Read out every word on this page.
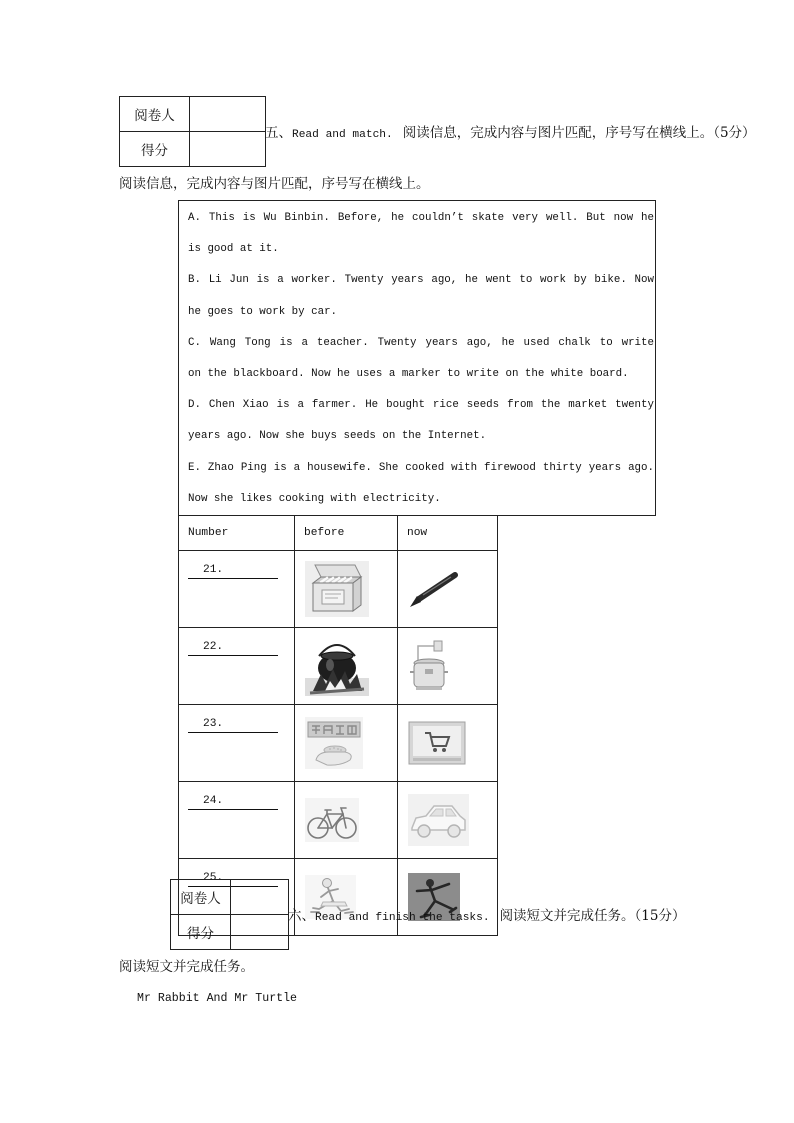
阅卷人	
得分	
五、Read and match. 阅读信息，完成内容与图片匹配，序号写在横线上。（5分）
阅读信息，完成内容与图片匹配，序号写在横线上。
A. This is Wu Binbin. Before, he couldn’t skate very well. But now he
is good at it.
B. Li Jun is a worker. Twenty years ago, he went to work by bike. Now
he goes to work by car.
C. Wang Tong is a teacher. Twenty years ago, he used chalk to write
on the blackboard. Now he uses a marker to write on the white board.
D. Chen Xiao is a farmer. He bought rice seeds from the market twenty
years ago. Now she buys seeds on the Internet.
E. Zhao Ping is a housewife. She cooked with firewood thirty years ago.
Now she likes cooking with electricity.
Number	before	now
21.	

22.	

23.	

24.	

25.	

阅卷人	
得分	
六、Read and finish the tasks. 阅读短文并完成任务。（15分）
阅读短文并完成任务。
Mr Rabbit And Mr Turtle
